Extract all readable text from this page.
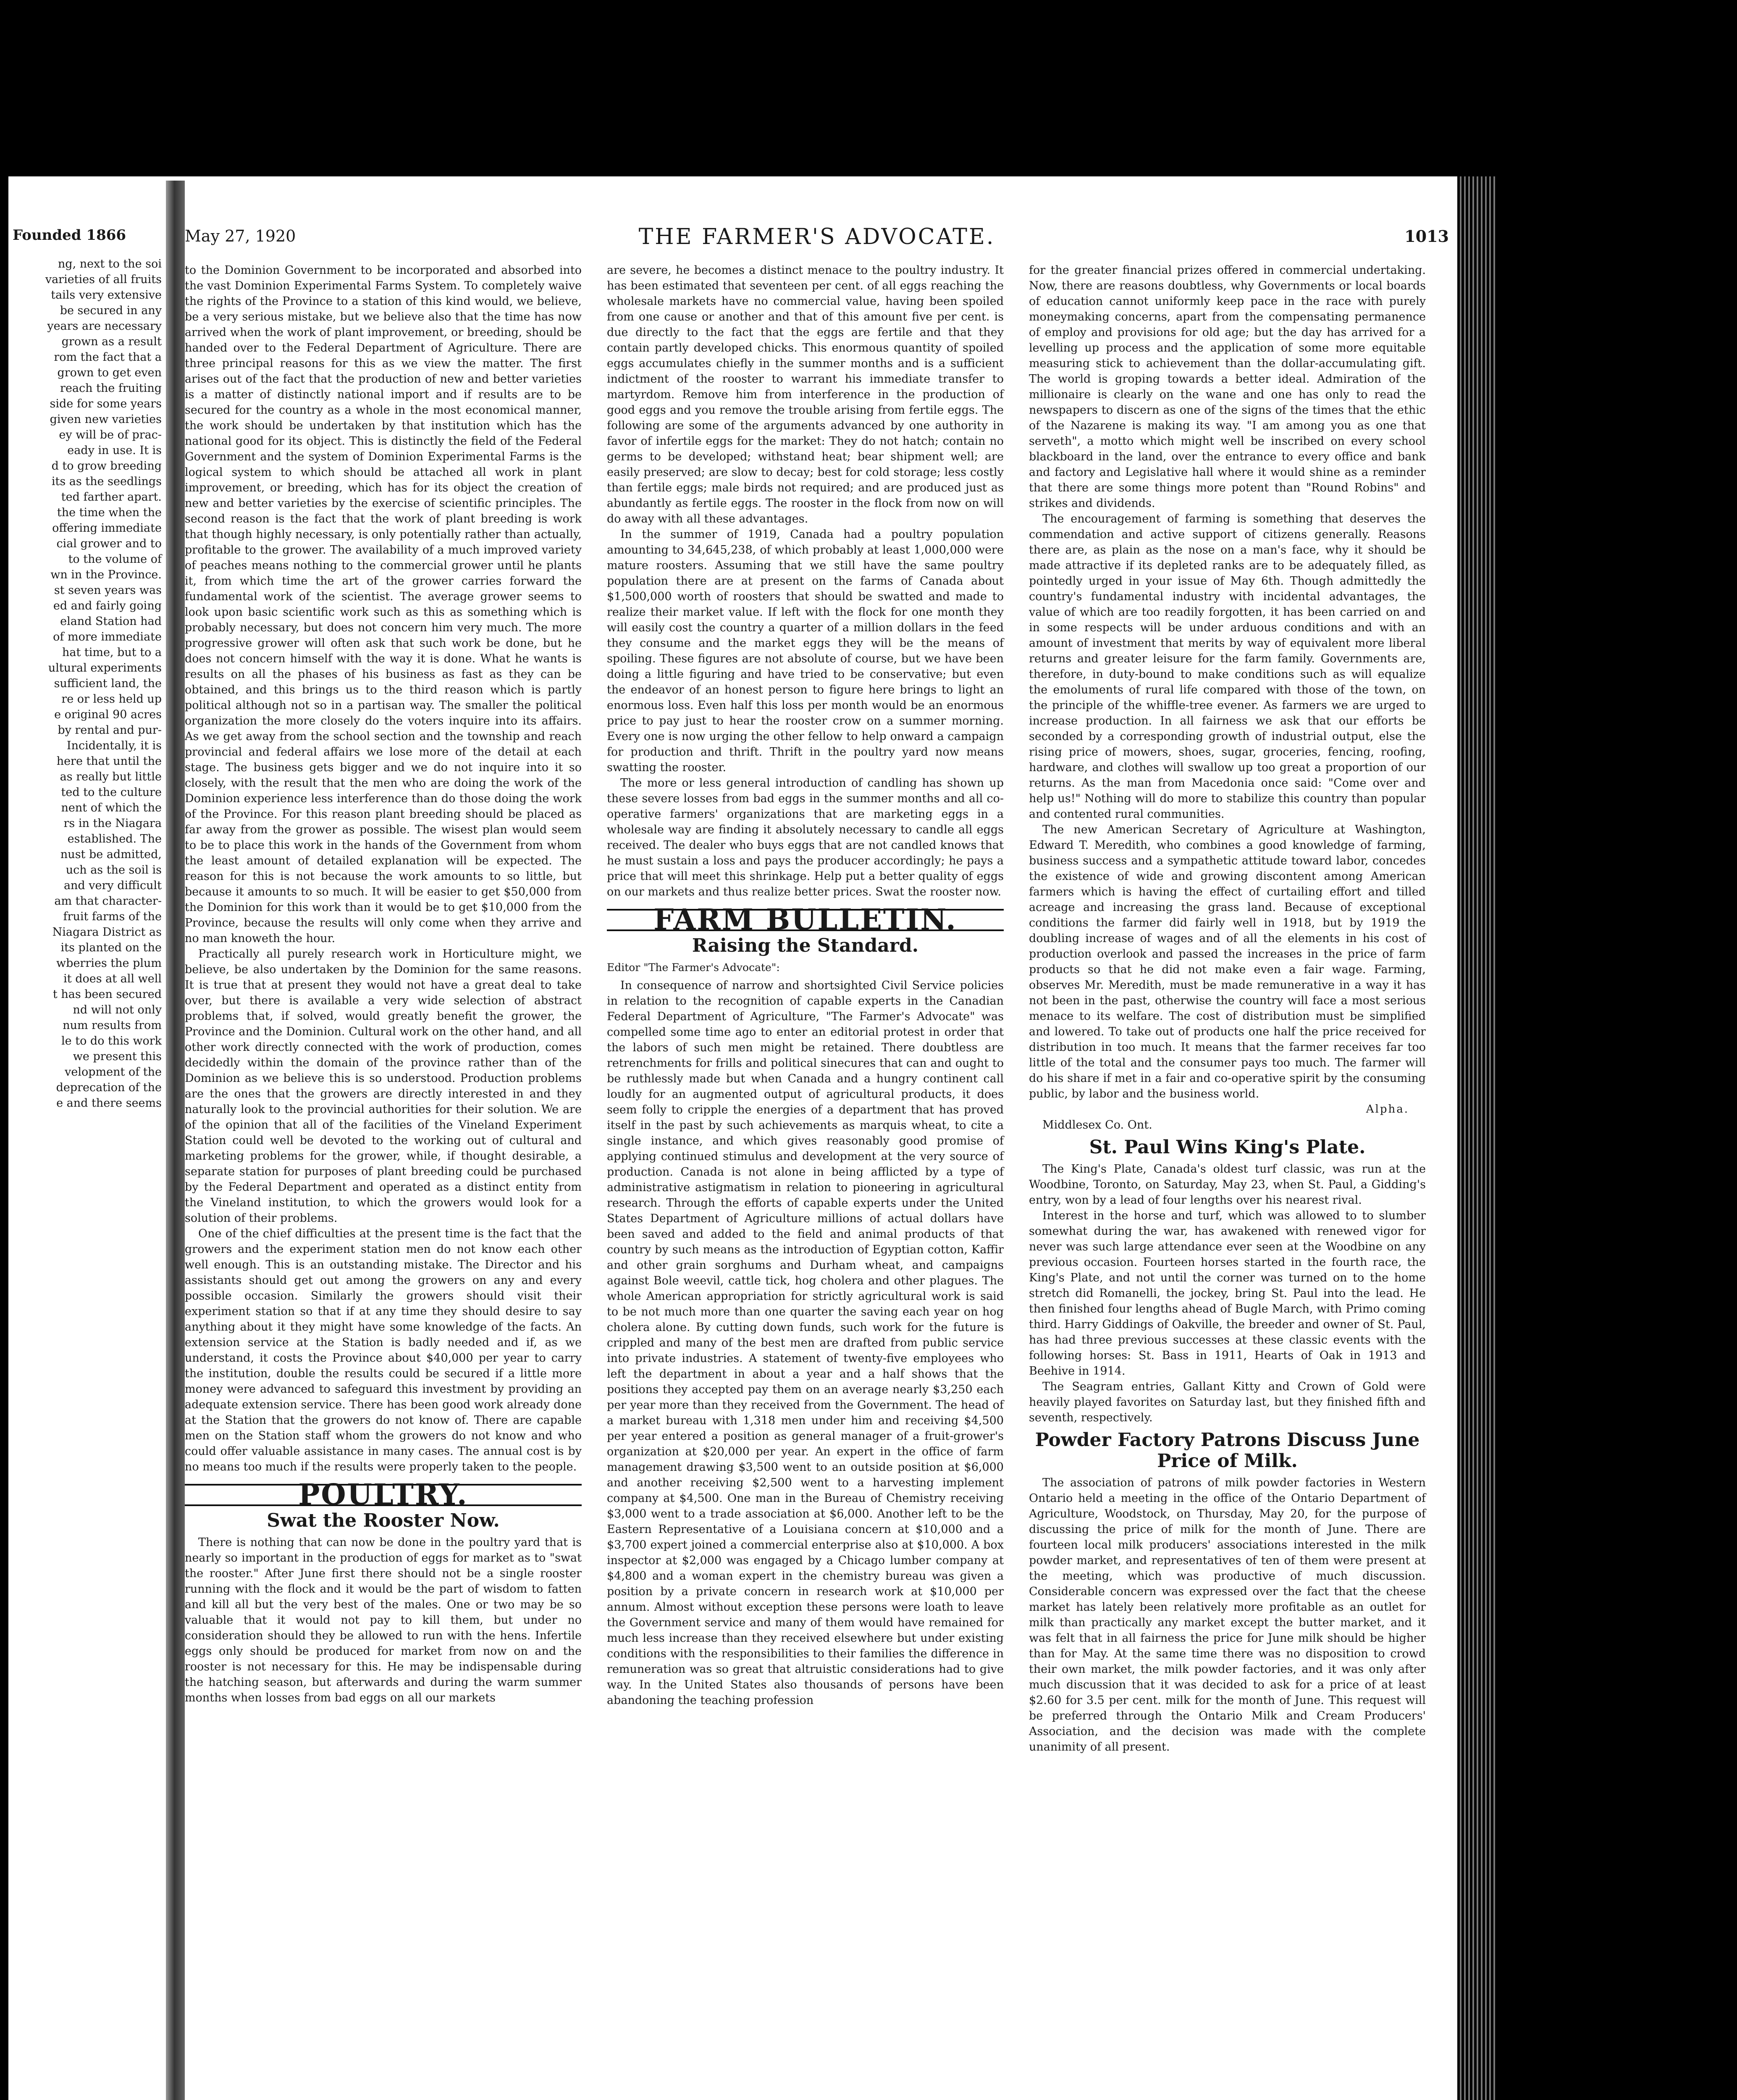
Founded 1866
ng, next to the soi
varieties of all fruits
tails very extensive
be secured in any
years are necessary
grown as a result
rom the fact that a
grown to get even
reach the fruiting
side for some years
given new varieties
ey will be of prac-
eady in use. It is
d to grow breeding
its as the seedlings
ted farther apart.
the time when the
offering immediate
cial grower and to
to the volume of
wn in the Province.
st seven years was
ed and fairly going
eland Station had
of more immediate
hat time, but to a
ultural experiments
sufficient land, the
re or less held up
e original 90 acres
by rental and pur-
Incidentally, it is
here that until the
as really but little
ted to the culture
nent of which the
rs in the Niagara
established. The
nust be admitted,
uch as the soil is
and very difficult
am that character-
fruit farms of the
Niagara District as
its planted on the
wberries the plum
it does at all well
t has been secured
nd will not only
num results from
le to do this work
we present this
velopment of the
deprecation of the
e and there seems
May 27, 1920	THE FARMER'S ADVOCATE.	1013

to the Dominion Government to be incorporated and absorbed into the vast Dominion Experimental Farms System. To completely waive the rights of the Province to a station of this kind would, we believe, be a very serious mistake, but we believe also that the time has now arrived when the work of plant improvement, or breeding, should be handed over to the Federal Department of Agriculture. There are three principal reasons for this as we view the matter. The first arises out of the fact that the production of new and better varieties is a matter of distinctly national import and if results are to be secured for the country as a whole in the most economical manner, the work should be undertaken by that institution which has the national good for its object. This is distinctly the field of the Federal Government and the system of Dominion Experimental Farms is the logical system to which should be attached all work in plant improvement, or breeding, which has for its object the creation of new and better varieties by the exercise of scientific principles. The second reason is the fact that the work of plant breeding is work that though highly necessary, is only potentially rather than actually, profitable to the grower. The availability of a much improved variety of peaches means nothing to the commercial grower until he plants it, from which time the art of the grower carries forward the fundamental work of the scientist. The average grower seems to look upon basic scientific work such as this as something which is probably necessary, but does not concern him very much. The more progressive grower will often ask that such work be done, but he does not concern himself with the way it is done. What he wants is results on all the phases of his business as fast as they can be obtained, and this brings us to the third reason which is partly political although not so in a partisan way. The smaller the political organization the more closely do the voters inquire into its affairs. As we get away from the school section and the township and reach provincial and federal affairs we lose more of the detail at each stage. The business gets bigger and we do not inquire into it so closely, with the result that the men who are doing the work of the Dominion experience less interference than do those doing the work of the Province. For this reason plant breeding should be placed as far away from the grower as possible. The wisest plan would seem to be to place this work in the hands of the Government from whom the least amount of detailed explanation will be expected. The reason for this is not because the work amounts to so little, but because it amounts to so much. It will be easier to get $50,000 from the Dominion for this work than it would be to get $10,000 from the Province, because the results will only come when they arrive and no man knoweth the hour.

Practically all purely research work in Horticulture might, we believe, be also undertaken by the Dominion for the same reasons. It is true that at present they would not have a great deal to take over, but there is available a very wide selection of abstract problems that, if solved, would greatly benefit the grower, the Province and the Dominion. Cultural work on the other hand, and all other work directly connected with the work of production, comes decidedly within the domain of the province rather than of the Dominion as we believe this is so understood. Production problems are the ones that the growers are directly interested in and they naturally look to the provincial authorities for their solution. We are of the opinion that all of the facilities of the Vineland Experiment Station could well be devoted to the working out of cultural and marketing problems for the grower, while, if thought desirable, a separate station for purposes of plant breeding could be purchased by the Federal Department and operated as a distinct entity from the Vineland institution, to which the growers would look for a solution of their problems.

One of the chief difficulties at the present time is the fact that the growers and the experiment station men do not know each other well enough. This is an outstanding mistake. The Director and his assistants should get out among the growers on any and every possible occasion. Similarly the growers should visit their experiment station so that if at any time they should desire to say anything about it they might have some knowledge of the facts. An extension service at the Station is badly needed and if, as we understand, it costs the Province about $40,000 per year to carry the institution, double the results could be secured if a little more money were advanced to safeguard this investment by providing an adequate extension service. There has been good work already done at the Station that the growers do not know of. There are capable men on the Station staff whom the growers do not know and who could offer valuable assistance in many cases. The annual cost is by no means too much if the results were properly taken to the people.

POULTRY.
Swat the Rooster Now.

There is nothing that can now be done in the poultry yard that is nearly so important in the production of eggs for market as to "swat the rooster." After June first there should not be a single rooster running with the flock and it would be the part of wisdom to fatten and kill all but the very best of the males. One or two may be so valuable that it would not pay to kill them, but under no consideration should they be allowed to run with the hens. Infertile eggs only should be produced for market from now on and the rooster is not necessary for this. He may be indispensable during the hatching season, but afterwards and during the warm summer months when losses from bad eggs on all our markets

are severe, he becomes a distinct menace to the poultry industry. It has been estimated that seventeen per cent. of all eggs reaching the wholesale markets have no commercial value, having been spoiled from one cause or another and that of this amount five per cent. is due directly to the fact that the eggs are fertile and that they contain partly developed chicks. This enormous quantity of spoiled eggs accumulates chiefly in the summer months and is a sufficient indictment of the rooster to warrant his immediate transfer to martyrdom. Remove him from interference in the production of good eggs and you remove the trouble arising from fertile eggs. The following are some of the arguments advanced by one authority in favor of infertile eggs for the market: They do not hatch; contain no germs to be developed; withstand heat; bear shipment well; are easily preserved; are slow to decay; best for cold storage; less costly than fertile eggs; male birds not required; and are produced just as abundantly as fertile eggs. The rooster in the flock from now on will do away with all these advantages.

In the summer of 1919, Canada had a poultry population amounting to 34,645,238, of which probably at least 1,000,000 were mature roosters. Assuming that we still have the same poultry population there are at present on the farms of Canada about $1,500,000 worth of roosters that should be swatted and made to realize their market value. If left with the flock for one month they will easily cost the country a quarter of a million dollars in the feed they consume and the market eggs they will be the means of spoiling. These figures are not absolute of course, but we have been doing a little figuring and have tried to be conservative; but even the endeavor of an honest person to figure here brings to light an enormous loss. Even half this loss per month would be an enormous price to pay just to hear the rooster crow on a summer morning. Every one is now urging the other fellow to help onward a campaign for production and thrift. Thrift in the poultry yard now means swatting the rooster.

The more or less general introduction of candling has shown up these severe losses from bad eggs in the summer months and all co-operative farmers' organizations that are marketing eggs in a wholesale way are finding it absolutely necessary to candle all eggs received. The dealer who buys eggs that are not candled knows that he must sustain a loss and pays the producer accordingly; he pays a price that will meet this shrinkage. Help put a better quality of eggs on our markets and thus realize better prices. Swat the rooster now.

FARM BULLETIN.
Raising the Standard.
Editor "The Farmer's Advocate":

In consequence of narrow and shortsighted Civil Service policies in relation to the recognition of capable experts in the Canadian Federal Department of Agriculture, "The Farmer's Advocate" was compelled some time ago to enter an editorial protest in order that the labors of such men might be retained. There doubtless are retrenchments for frills and political sinecures that can and ought to be ruthlessly made but when Canada and a hungry continent call loudly for an augmented output of agricultural products, it does seem folly to cripple the energies of a department that has proved itself in the past by such achievements as marquis wheat, to cite a single instance, and which gives reasonably good promise of applying continued stimulus and development at the very source of production. Canada is not alone in being afflicted by a type of administrative astigmatism in relation to pioneering in agricultural research. Through the efforts of capable experts under the United States Department of Agriculture millions of actual dollars have been saved and added to the field and animal products of that country by such means as the introduction of Egyptian cotton, Kaffir and other grain sorghums and Durham wheat, and campaigns against Bole weevil, cattle tick, hog cholera and other plagues. The whole American appropriation for strictly agricultural work is said to be not much more than one quarter the saving each year on hog cholera alone. By cutting down funds, such work for the future is crippled and many of the best men are drafted from public service into private industries. A statement of twenty-five employees who left the department in about a year and a half shows that the positions they accepted pay them on an average nearly $3,250 each per year more than they received from the Government. The head of a market bureau with 1,318 men under him and receiving $4,500 per year entered a position as general manager of a fruit-grower's organization at $20,000 per year. An expert in the office of farm management drawing $3,500 went to an outside position at $6,000 and another receiving $2,500 went to a harvesting implement company at $4,500. One man in the Bureau of Chemistry receiving $3,000 went to a trade association at $6,000. Another left to be the Eastern Representative of a Louisiana concern at $10,000 and a $3,700 expert joined a commercial enterprise also at $10,000. A box inspector at $2,000 was engaged by a Chicago lumber company at $4,800 and a woman expert in the chemistry bureau was given a position by a private concern in research work at $10,000 per annum. Almost without exception these persons were loath to leave the Government service and many of them would have remained for much less increase than they received elsewhere but under existing conditions with the responsibilities to their families the difference in remuneration was so great that altruistic considerations had to give way. In the United States also thousands of persons have been abandoning the teaching profession

for the greater financial prizes offered in commercial undertaking. Now, there are reasons doubtless, why Governments or local boards of education cannot uniformly keep pace in the race with purely moneymaking concerns, apart from the compensating permanence of employ and provisions for old age; but the day has arrived for a levelling up process and the application of some more equitable measuring stick to achievement than the dollar-accumulating gift. The world is groping towards a better ideal. Admiration of the millionaire is clearly on the wane and one has only to read the newspapers to discern as one of the signs of the times that the ethic of the Nazarene is making its way. "I am among you as one that serveth", a motto which might well be inscribed on every school blackboard in the land, over the entrance to every office and bank and factory and Legislative hall where it would shine as a reminder that there are some things more potent than "Round Robins" and strikes and dividends.

The encouragement of farming is something that deserves the commendation and active support of citizens generally. Reasons there are, as plain as the nose on a man's face, why it should be made attractive if its depleted ranks are to be adequately filled, as pointedly urged in your issue of May 6th. Though admittedly the country's fundamental industry with incidental advantages, the value of which are too readily forgotten, it has been carried on and in some respects will be under arduous conditions and with an amount of investment that merits by way of equivalent more liberal returns and greater leisure for the farm family. Governments are, therefore, in duty-bound to make conditions such as will equalize the emoluments of rural life compared with those of the town, on the principle of the whiffle-tree evener. As farmers we are urged to increase production. In all fairness we ask that our efforts be seconded by a corresponding growth of industrial output, else the rising price of mowers, shoes, sugar, groceries, fencing, roofing, hardware, and clothes will swallow up too great a proportion of our returns. As the man from Macedonia once said: "Come over and help us!" Nothing will do more to stabilize this country than popular and contented rural communities.

The new American Secretary of Agriculture at Washington, Edward T. Meredith, who combines a good knowledge of farming, business success and a sympathetic attitude toward labor, concedes the existence of wide and growing discontent among American farmers which is having the effect of curtailing effort and tilled acreage and increasing the grass land. Because of exceptional conditions the farmer did fairly well in 1918, but by 1919 the doubling increase of wages and of all the elements in his cost of production overlook and passed the increases in the price of farm products so that he did not make even a fair wage. Farming, observes Mr. Meredith, must be made remunerative in a way it has not been in the past, otherwise the country will face a most serious menace to its welfare. The cost of distribution must be simplified and lowered. To take out of products one half the price received for distribution in too much. It means that the farmer receives far too little of the total and the consumer pays too much. The farmer will do his share if met in a fair and co-operative spirit by the consuming public, by labor and the business world.

Alpha.
Middlesex Co. Ont.
St. Paul Wins King's Plate.

The King's Plate, Canada's oldest turf classic, was run at the Woodbine, Toronto, on Saturday, May 23, when St. Paul, a Gidding's entry, won by a lead of four lengths over his nearest rival.

Interest in the horse and turf, which was allowed to to slumber somewhat during the war, has awakened with renewed vigor for never was such large attendance ever seen at the Woodbine on any previous occasion. Fourteen horses started in the fourth race, the King's Plate, and not until the corner was turned on to the home stretch did Romanelli, the jockey, bring St. Paul into the lead. He then finished four lengths ahead of Bugle March, with Primo coming third. Harry Giddings of Oakville, the breeder and owner of St. Paul, has had three previous successes at these classic events with the following horses: St. Bass in 1911, Hearts of Oak in 1913 and Beehive in 1914.

The Seagram entries, Gallant Kitty and Crown of Gold were heavily played favorites on Saturday last, but they finished fifth and seventh, respectively.

Powder Factory Patrons Discuss June Price of Milk.

The association of patrons of milk powder factories in Western Ontario held a meeting in the office of the Ontario Department of Agriculture, Woodstock, on Thursday, May 20, for the purpose of discussing the price of milk for the month of June. There are fourteen local milk producers' associations interested in the milk powder market, and representatives of ten of them were present at the meeting, which was productive of much discussion. Considerable concern was expressed over the fact that the cheese market has lately been relatively more profitable as an outlet for milk than practically any market except the butter market, and it was felt that in all fairness the price for June milk should be higher than for May. At the same time there was no disposition to crowd their own market, the milk powder factories, and it was only after much discussion that it was decided to ask for a price of at least $2.60 for 3.5 per cent. milk for the month of June. This request will be preferred through the Ontario Milk and Cream Producers' Association, and the decision was made with the complete unanimity of all present.
